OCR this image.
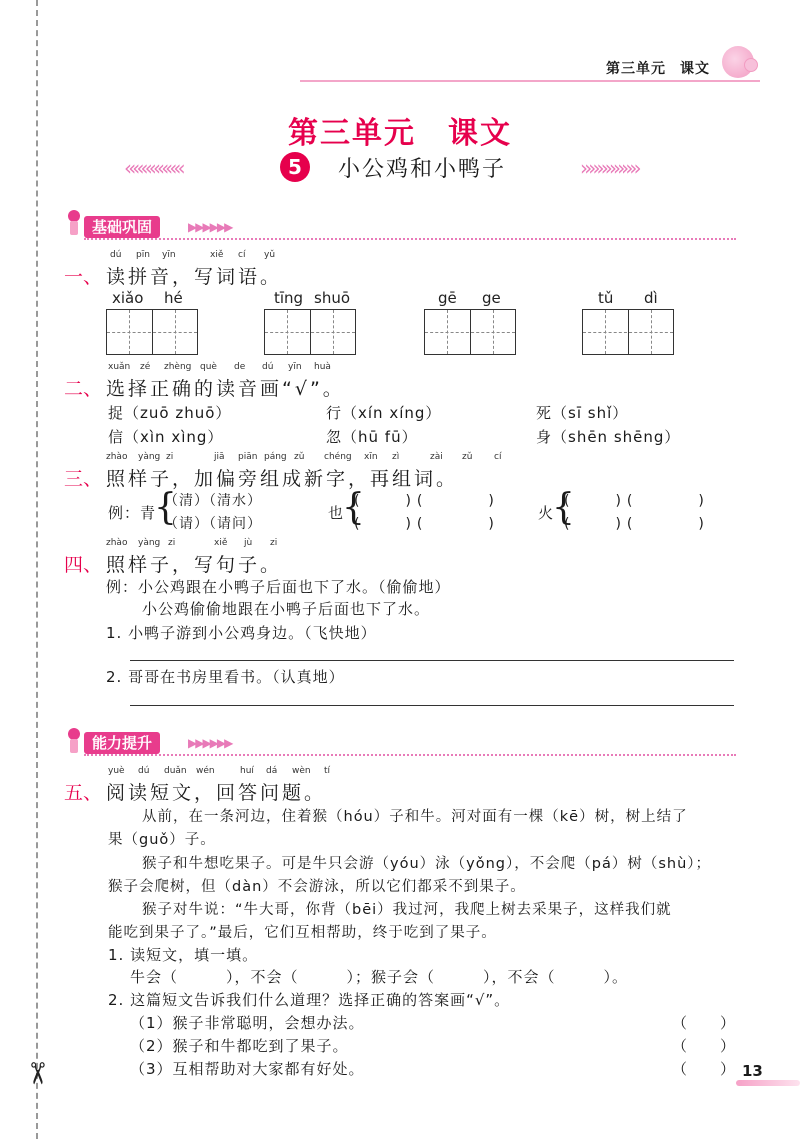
✂
第三单元 课文
第三单元　课文
«««««««	»»»»»»»
5	小公鸡和小鸭子
基础巩固	▶▶▶▶▶▶
dú pīn yīn	xiě cí yǔ
一、 读拼音，写词语。
xiǎo hé	tīng shuō	gē ge	tǔ dì
xuǎn zé zhèng què de dú yīn huà
二、 选择正确的读音画“√”。
捉（zuō zhuō）	行（xín xíng）	死（sī shǐ）
信（xìn xìng）	忽（hū fū）	身（shēn shēng）
zhào yàng zi	jiā piān páng zǔ chéng xīn zì	zài zǔ cí
三、 照样子，加偏旁组成新字，再组词。
例：青
{
（清）（清水）
（请）（请问）
也
{
(　　)(　　　)
(　　)(　　　)
火
{
(　　)(　　　)
(　　)(　　　)
zhào yàng zi	xiě jù zi
四、 照样子，写句子。
例：小公鸡跟在小鸭子后面也下了水。（偷偷地）
小公鸡偷偷地跟在小鸭子后面也下了水。
1. 小鸭子游到小公鸡身边。（飞快地）
2. 哥哥在书房里看书。（认真地）
能力提升	▶▶▶▶▶▶
yuè dú duǎn wén	huí dá wèn tí
五、 阅读短文，回答问题。
从前，在一条河边，住着猴（hóu）子和牛。河对面有一棵（kē）树，树上结了
果（guǒ）子。
猴子和牛想吃果子。可是牛只会游（yóu）泳（yǒng），不会爬（pá）树（shù）；
猴子会爬树，但（dàn）不会游泳，所以它们都采不到果子。
猴子对牛说：“牛大哥，你背（bēi）我过河，我爬上树去采果子，这样我们就
能吃到果子了。”最后，它们互相帮助，终于吃到了果子。
1. 读短文，填一填。
牛会（　　　），不会（　　　）；猴子会（　　　），不会（　　　）。
2. 这篇短文告诉我们什么道理？选择正确的答案画“√”。
（1）猴子非常聪明，会想办法。	（　　）
（2）猴子和牛都吃到了果子。	（　　）
（3）互相帮助对大家都有好处。	（　　） 13
